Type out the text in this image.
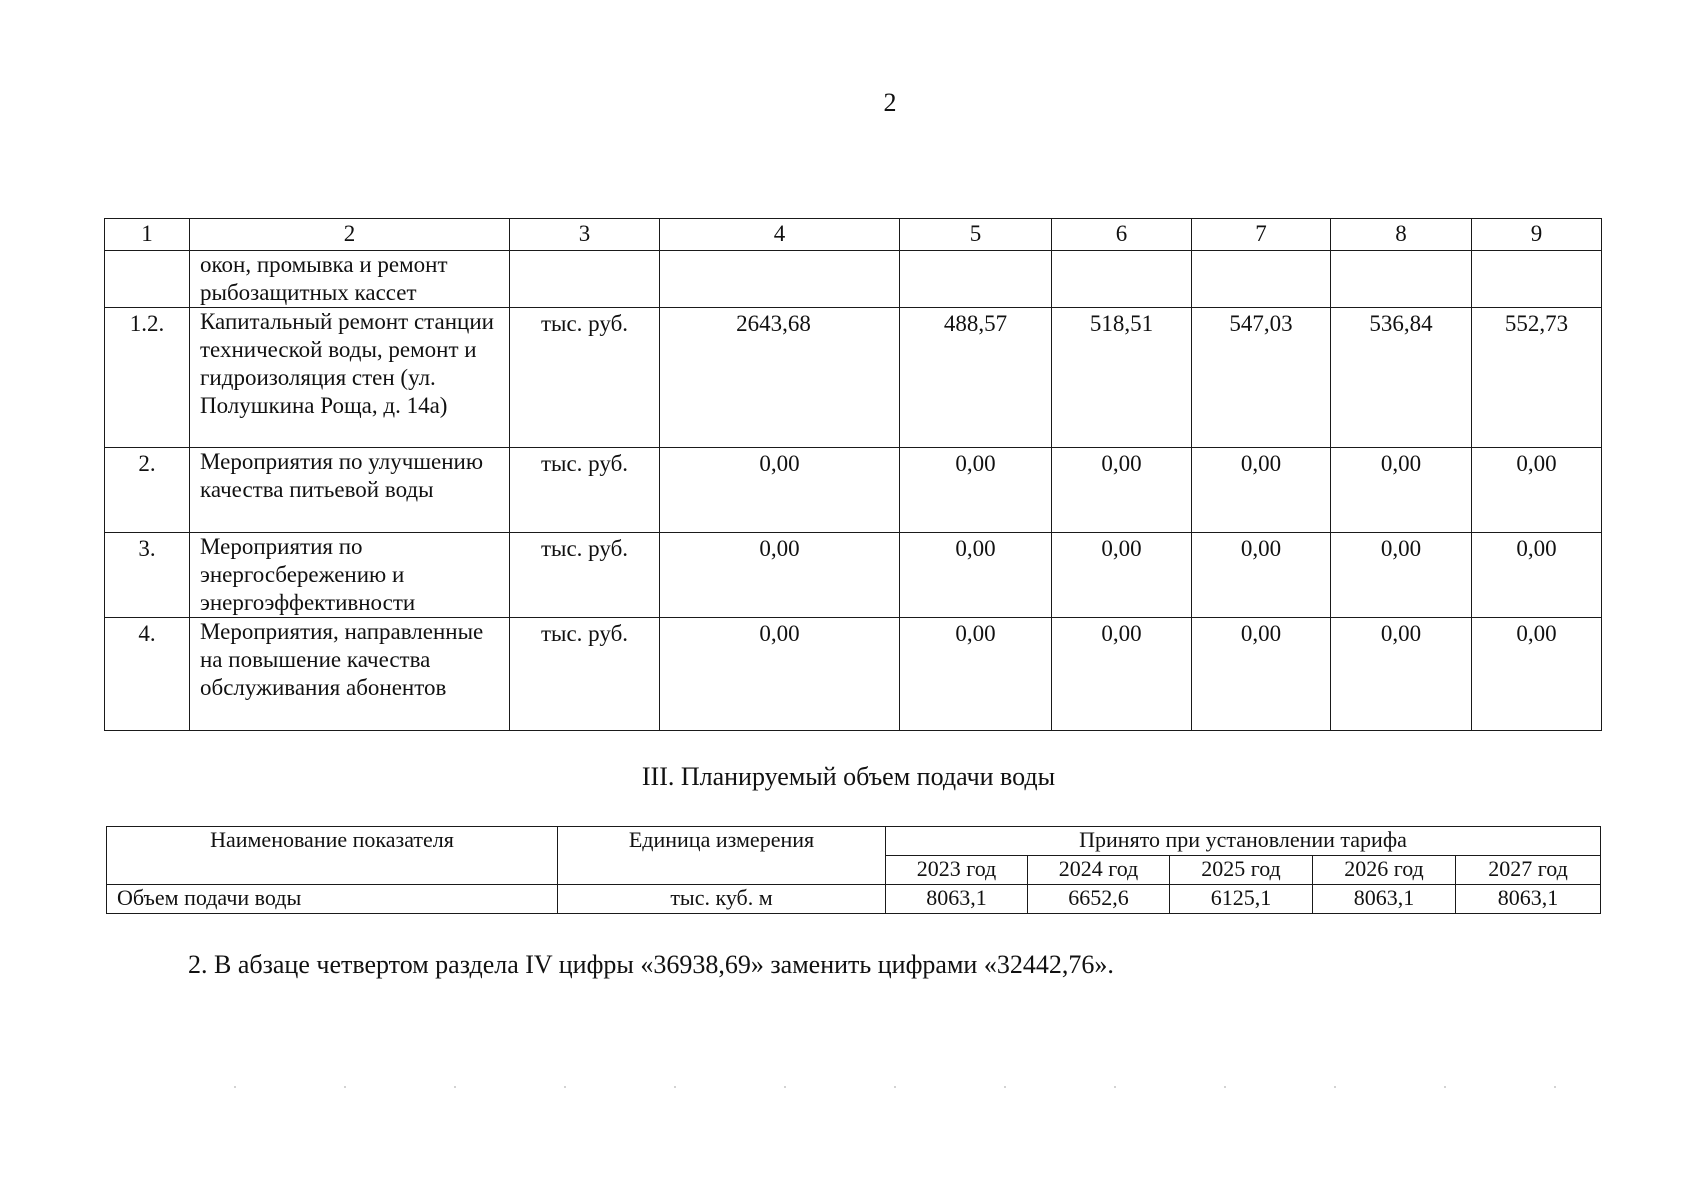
2
1	2	3	4	5	6	7	8	9
	окон, промывка и ремонт рыбозащитных кассет							
1.2.	Капитальный ремонт станции технической воды, ремонт и гидроизоляция стен (ул. Полушкина Роща, д. 14а)	тыс. руб.	2643,68	488,57	518,51	547,03	536,84	552,73
2.	Мероприятия по улучшению качества питьевой воды	тыс. руб.	0,00	0,00	0,00	0,00	0,00	0,00
3.	Мероприятия по энергосбережению и энергоэффективности	тыс. руб.	0,00	0,00	0,00	0,00	0,00	0,00
4.	Мероприятия, направленные на повышение качества обслуживания абонентов	тыс. руб.	0,00	0,00	0,00	0,00	0,00	0,00
III. Планируемый объем подачи воды
Наименование показателя	Единица измерения	Принято при установлении тарифа				
		2023 год	2024 год	2025 год	2026 год	2027 год
Объем подачи воды	тыс. куб. м	8063,1	6652,6	6125,1	8063,1	8063,1
2. В абзаце четвертом раздела IV цифры «36938,69» заменить цифрами «32442,76».
